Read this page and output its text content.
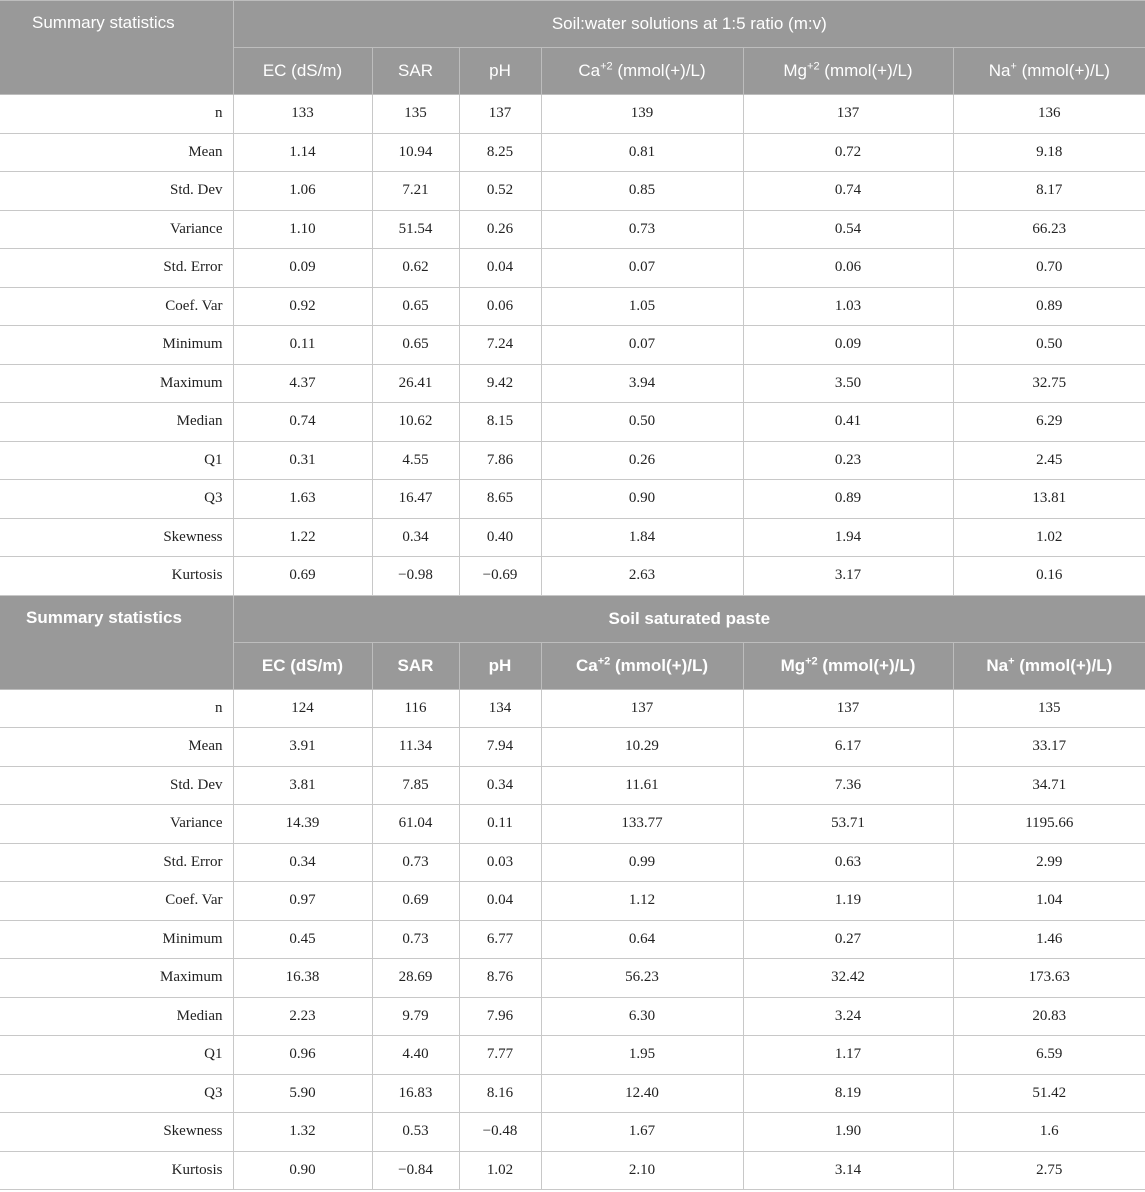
Summary statistics	Soil:water solutions at 1:5 ratio (m:v)					
	EC (dS/m)	SAR	pH	$Ca^{+2}$ (mmol(+)/L)	$Mg^{+2}$ (mmol(+)/L)	Na+ (mmol(+)/L)
n	133	135	137	139	137	136
Mean	1.14	10.94	8.25	0.81	0.72	9.18
Std. Dev	1.06	7.21	0.52	0.85	0.74	8.17
Variance	1.10	51.54	0.26	0.73	0.54	66.23
Std. Error	0.09	0.62	0.04	0.07	0.06	0.70
Coef. Var	0.92	0.65	0.06	1.05	1.03	0.89
Minimum	0.11	0.65	7.24	0.07	0.09	0.50
Maximum	4.37	26.41	9.42	3.94	3.50	32.75
Median	0.74	10.62	8.15	0.50	0.41	6.29
Q1	0.31	4.55	7.86	0.26	0.23	2.45
Q3	1.63	16.47	8.65	0.90	0.89	13.81
Skewness	1.22	0.34	0.40	1.84	1.94	1.02
Kurtosis	0.69	−0.98	−0.69	2.63	3.17	0.16
Summary statistics	Soil saturated paste					
	EC (dS/m)	SAR	pH	$Ca^{+2}$ (mmol(+)/L)	$Mg^{+2}$ (mmol(+)/L)	Na+ (mmol(+)/L)
n	124	116	134	137	137	135
Mean	3.91	11.34	7.94	10.29	6.17	33.17
Std. Dev	3.81	7.85	0.34	11.61	7.36	34.71
Variance	14.39	61.04	0.11	133.77	53.71	1195.66
Std. Error	0.34	0.73	0.03	0.99	0.63	2.99
Coef. Var	0.97	0.69	0.04	1.12	1.19	1.04
Minimum	0.45	0.73	6.77	0.64	0.27	1.46
Maximum	16.38	28.69	8.76	56.23	32.42	173.63
Median	2.23	9.79	7.96	6.30	3.24	20.83
Q1	0.96	4.40	7.77	1.95	1.17	6.59
Q3	5.90	16.83	8.16	12.40	8.19	51.42
Skewness	1.32	0.53	−0.48	1.67	1.90	1.6
Kurtosis	0.90	−0.84	1.02	2.10	3.14	2.75
